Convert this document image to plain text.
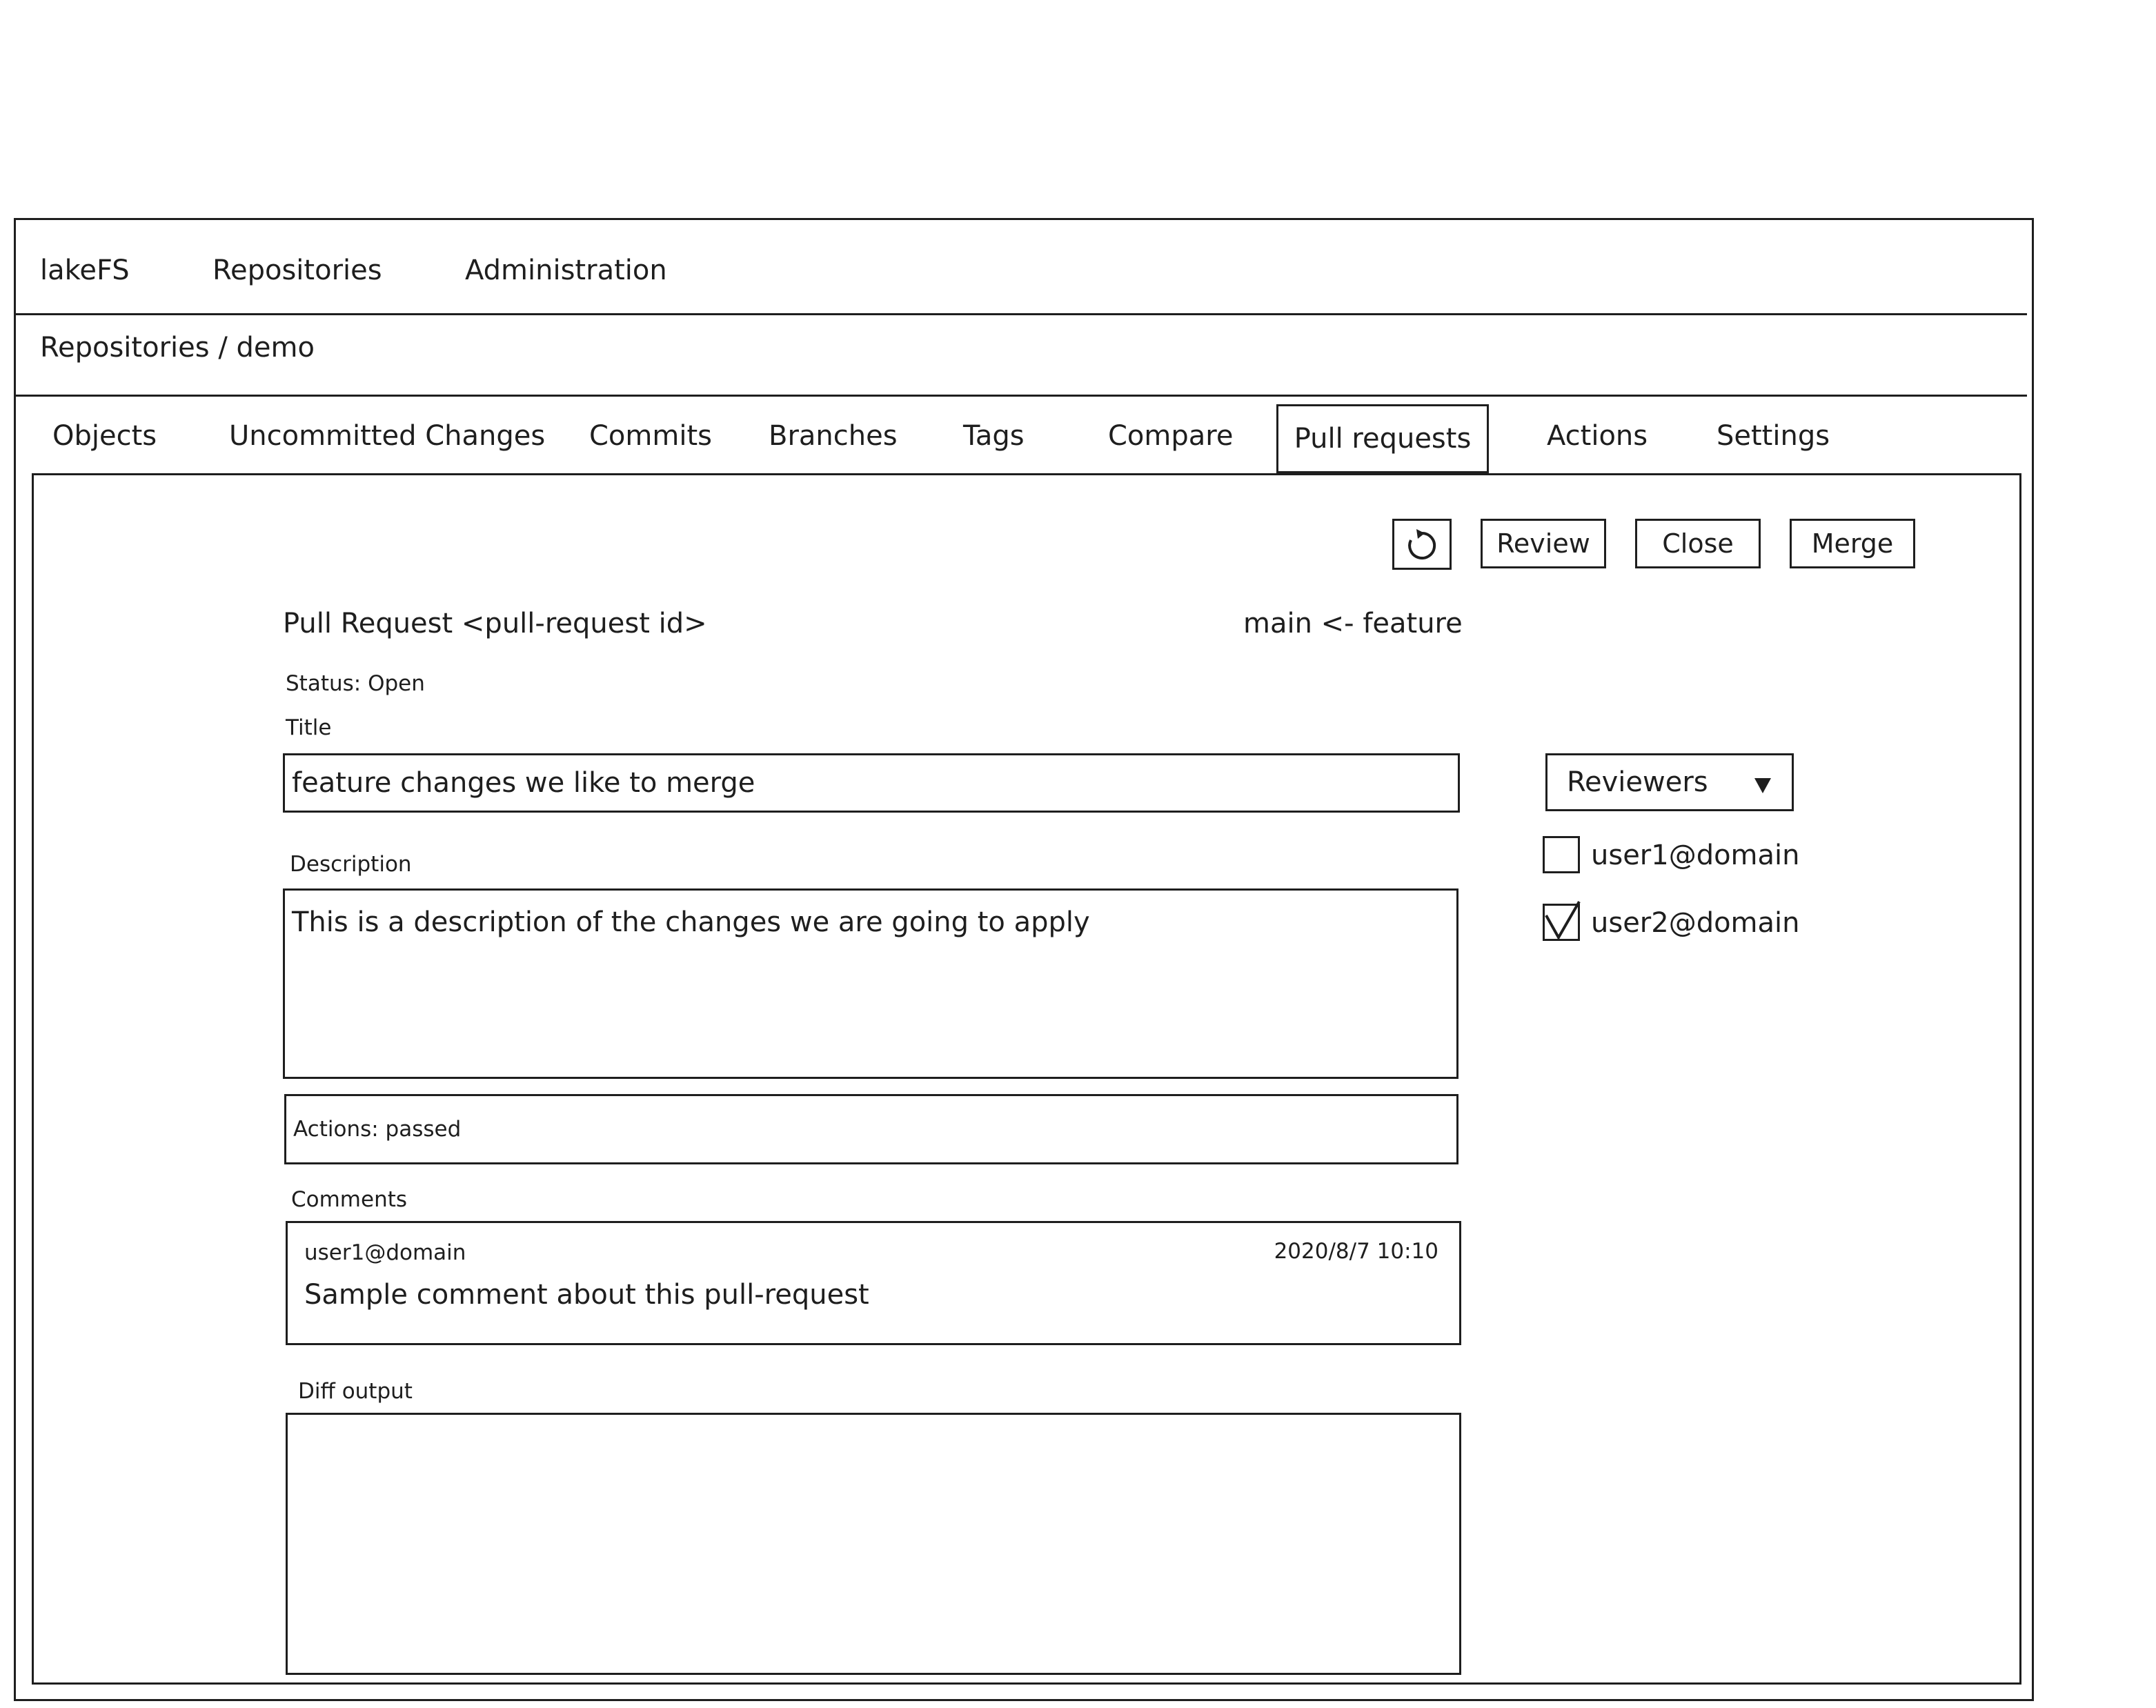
lakeFS	Repositories	Administration
Repositories / demo
Objects	Uncommitted Changes Commits Branches Tags	Compare Pull requests	Actions Settings
Review	Close	Merge
Pull Request <pull-request id>	main <- feature
Status: Open
Title
feature changes we like to merge
Description
This is a description of the changes we are going to apply
Actions: passed
Comments
user1@domain	2020/8/7 10:10
Sample comment about this pull-request
Diff output
Reviewers
user1@domain
user2@domain
